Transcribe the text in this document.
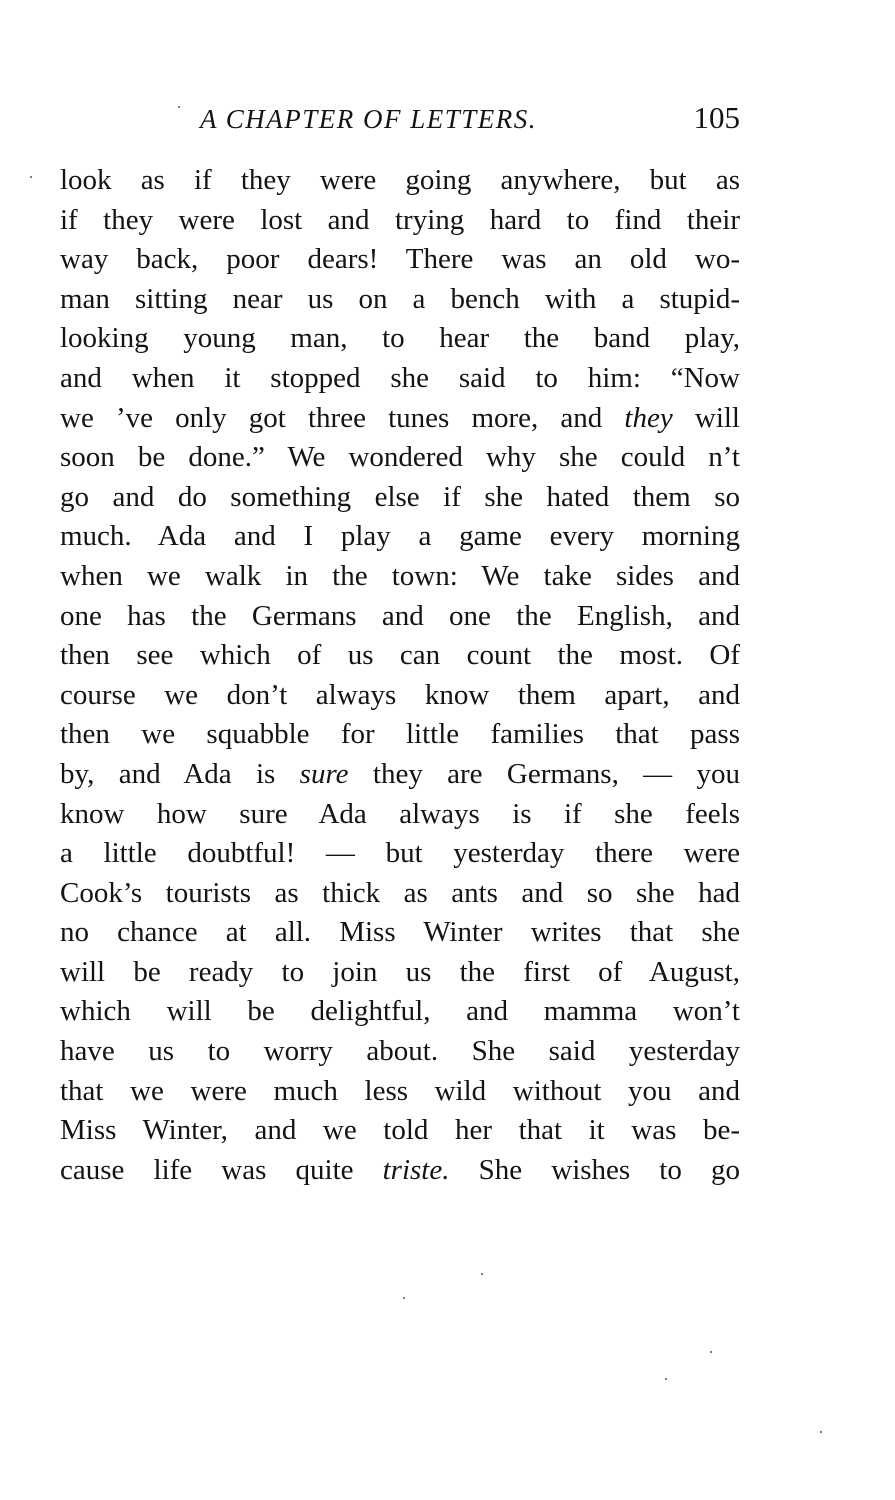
A CHAPTER OF LETTERS.	105
look as if they were going anywhere, but as
if they were lost and trying hard to find their
way back, poor dears! There was an old wo-
man sitting near us on a bench with a stupid-
looking young man, to hear the band play,
and when it stopped she said to him: “Now
we ’ve only got three tunes more, and they will
soon be done.” We wondered why she could n’t
go and do something else if she hated them so
much. Ada and I play a game every morning
when we walk in the town: We take sides and
one has the Germans and one the English, and
then see which of us can count the most. Of
course we don’t always know them apart, and
then we squabble for little families that pass
by, and Ada is sure they are Germans, — you
know how sure Ada always is if she feels
a little doubtful! — but yesterday there were
Cook’s tourists as thick as ants and so she had
no chance at all. Miss Winter writes that she
will be ready to join us the first of August,
which will be delightful, and mamma won’t
have us to worry about. She said yesterday
that we were much less wild without you and
Miss Winter, and we told her that it was be-
cause life was quite triste. She wishes to go
